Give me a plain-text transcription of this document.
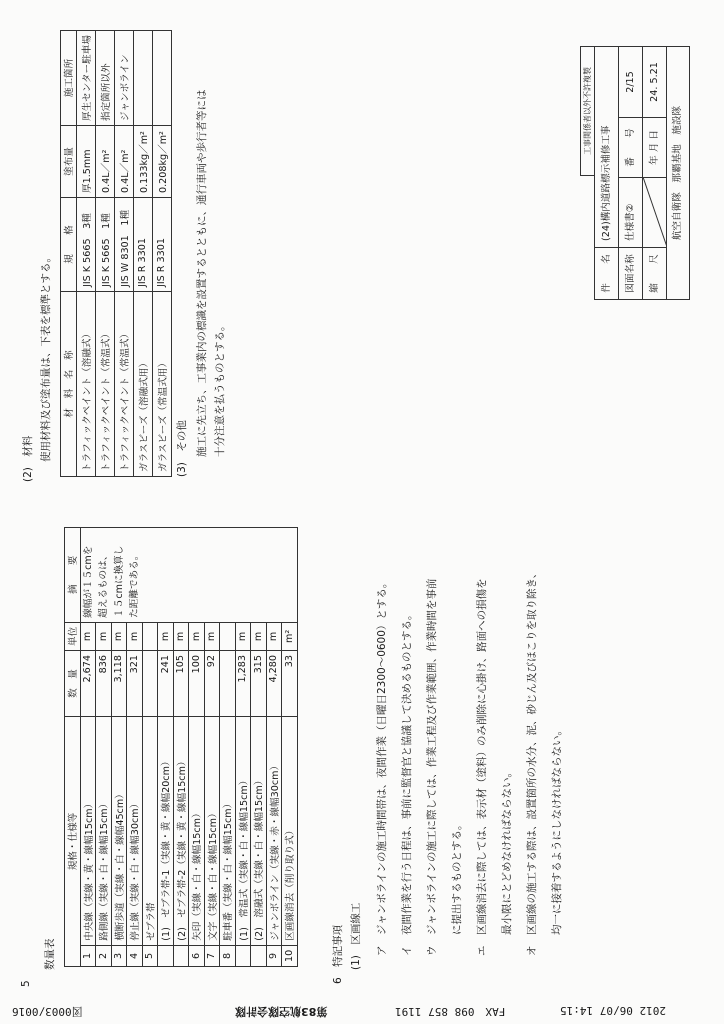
5
数量表
規格・仕様等		数　量	単位	摘　　要
1	中央線（実線・黄・線幅15cm）	2,674	m	線幅が１５cmを 超えるものは、 １５cmに換算し た距離である。

2	路側線（実線・白・線幅15cm）	836	m	
3	横断歩道（実線・白・線幅45cm）	3,118	m	
4	停止線（実線・白・線幅30cm）	321	m	
5	ゼブラ帯			
	(1)　ゼブラ帯-1（実線・黄・線幅20cm）	241	m	
	(2)　ゼブラ帯-2（実線・黄・線幅15cm）	105	m	
6	矢印（実線・白・線幅15cm）	100	m	
7	文字（実線・白・線幅15cm）	92	m	
8	駐車番（実線・白・線幅15cm）			
	(1)　常温式（実線・白・線幅15cm）	1,283	m	
	(2)　溶融式（実線・白・線幅15cm）	315	m	
9	ジャンボライン（実線・赤・線幅30cm）	4,280	m	
10	区画線消去（削り取り式）	33	m²	
6　特記事項 (1)　区画線工	ア　ジャンボラインの施工時間帯は、夜間作業（日曜日2300〜0600）とする。	イ　夜間作業を行う日程は、事前に監督官と協議して決めるものとする。	ウ　ジャンボラインの施工に際しては、作業工程及び作業範囲、作業時間を事前	　　に提出するものとする。	エ　区画線消去に際しては、表示材（塗料）のみ削除に心掛け、路面への損傷を	　　最小限にとどめなければならない。	オ　区画線の施工する際は、設置箇所の水分、泥、砂じん及びほこりを取り除き、	　　均一に接着するようにしなければならない。
(2)　材料 使用材料及び塗布量は、下表を標準とする。 材　料　名　称	規　　格	塗布量	施工箇所
トラフィックペイント（溶融式）	JIS K 5665　3種	厚1.5mm	厚生センター駐車場
トラフィックペイント（常温式）	JIS K 5665　1種	0.4L／m²	指定箇所以外
トラフィックペイント（常温式）	JIS W 8301　1種	0.4L／m²	ジャンボライン
ガラスビーズ（溶融式用）	JIS R 3301	0.133kg／m²	
ガラスビーズ（常温式用）	JIS R 3301	0.208kg／m²	
(3)　その他 施工に先立ち、工事業内の標識を設置するとともに、通行車両や歩行者等には 十分注意を払うものとする。
工事関係者以外不許複製
件　　名
(24)構内道路標示補修工事
図面名称
仕様書②
番　　号
2/15
縮　　尺
年 月 日
24. 5.21
航空自衛隊　那覇基地　施設隊
2012 06/07 14:15
FAX　098 857 1191
第83航空隊会計隊
図0003/0016
